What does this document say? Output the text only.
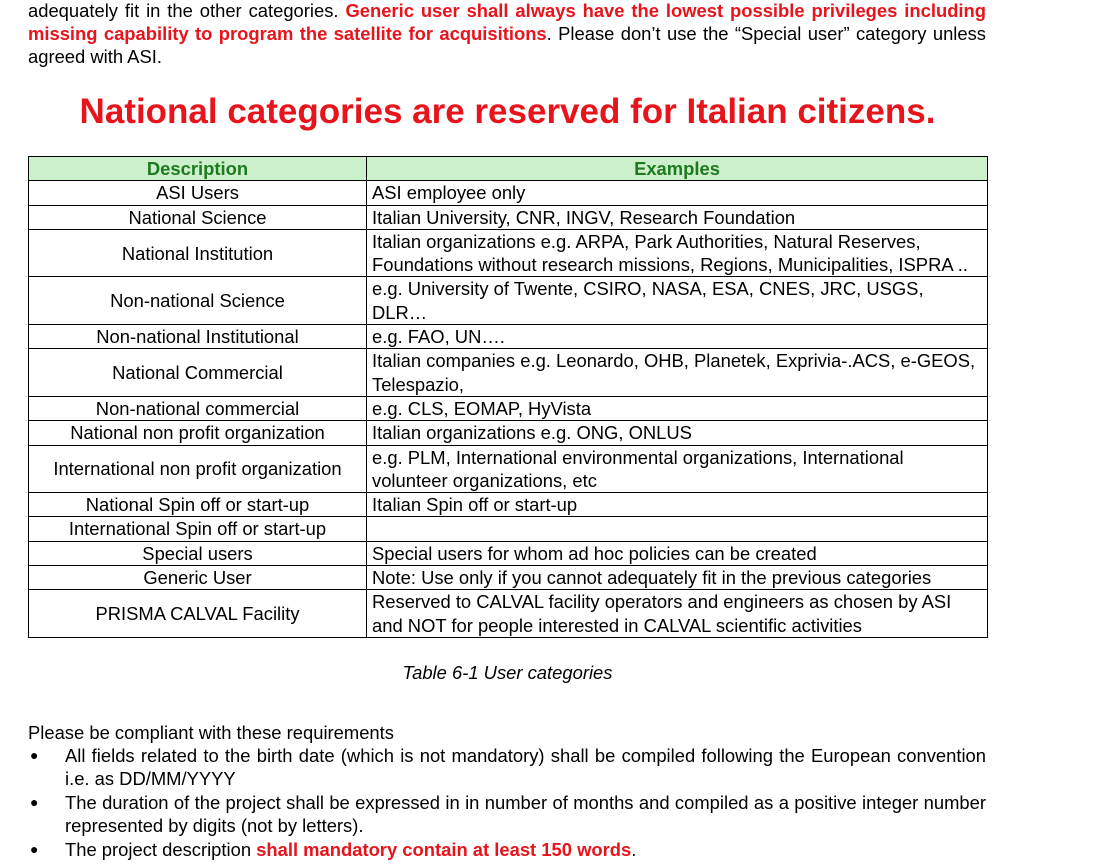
adequately fit in the other categories. Generic user shall always have the lowest possible privileges including missing capability to program the satellite for acquisitions. Please don’t use the “Special user” category unless agreed with ASI.

National categories are reserved for Italian citizens.

Description	Examples
ASI Users	ASI employee only
National Science	Italian University, CNR, INGV, Research Foundation
National Institution	Italian organizations e.g. ARPA, Park Authorities, Natural Reserves, Foundations without research missions, Regions, Municipalities, ISPRA ..
Non-national Science	e.g. University of Twente, CSIRO, NASA, ESA, CNES, JRC, USGS, DLR…
Non-national Institutional	e.g. FAO, UN….
National Commercial	Italian companies e.g. Leonardo, OHB, Planetek, Exprivia-.ACS, e-GEOS, Telespazio,
Non-national commercial	e.g. CLS, EOMAP, HyVista
National non profit organization	Italian organizations e.g. ONG, ONLUS
International non profit organization	e.g. PLM, International environmental organizations, International volunteer organizations, etc
National Spin off or start-up	Italian Spin off or start-up
International Spin off or start-up	
Special users	Special users for whom ad hoc policies can be created
Generic User	Note: Use only if you cannot adequately fit in the previous categories
PRISMA CALVAL Facility	Reserved to CALVAL facility operators and engineers as chosen by ASI and NOT for people interested in CALVAL scientific activities

Table 6-1 User categories

Please be compliant with these requirements

● All fields related to the birth date (which is not mandatory) shall be compiled following the European convention i.e. as DD/MM/YYYY
● The duration of the project shall be expressed in in number of months and compiled as a positive integer number represented by digits (not by letters).
● The project description shall mandatory contain at least 150 words.
